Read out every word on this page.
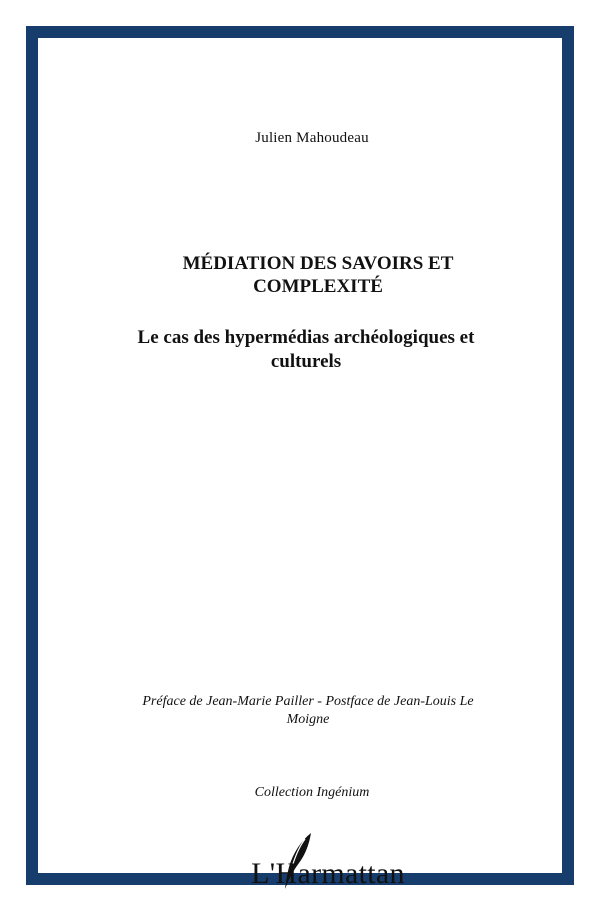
Julien Mahoudeau
MÉDIATION DES SAVOIRS ET
COMPLEXITÉ
Le cas des hypermédias archéologiques et
culturels
Préface de Jean-Marie Pailler - Postface de Jean-Louis Le
Moigne
Collection Ingénium
L'Harmattan
